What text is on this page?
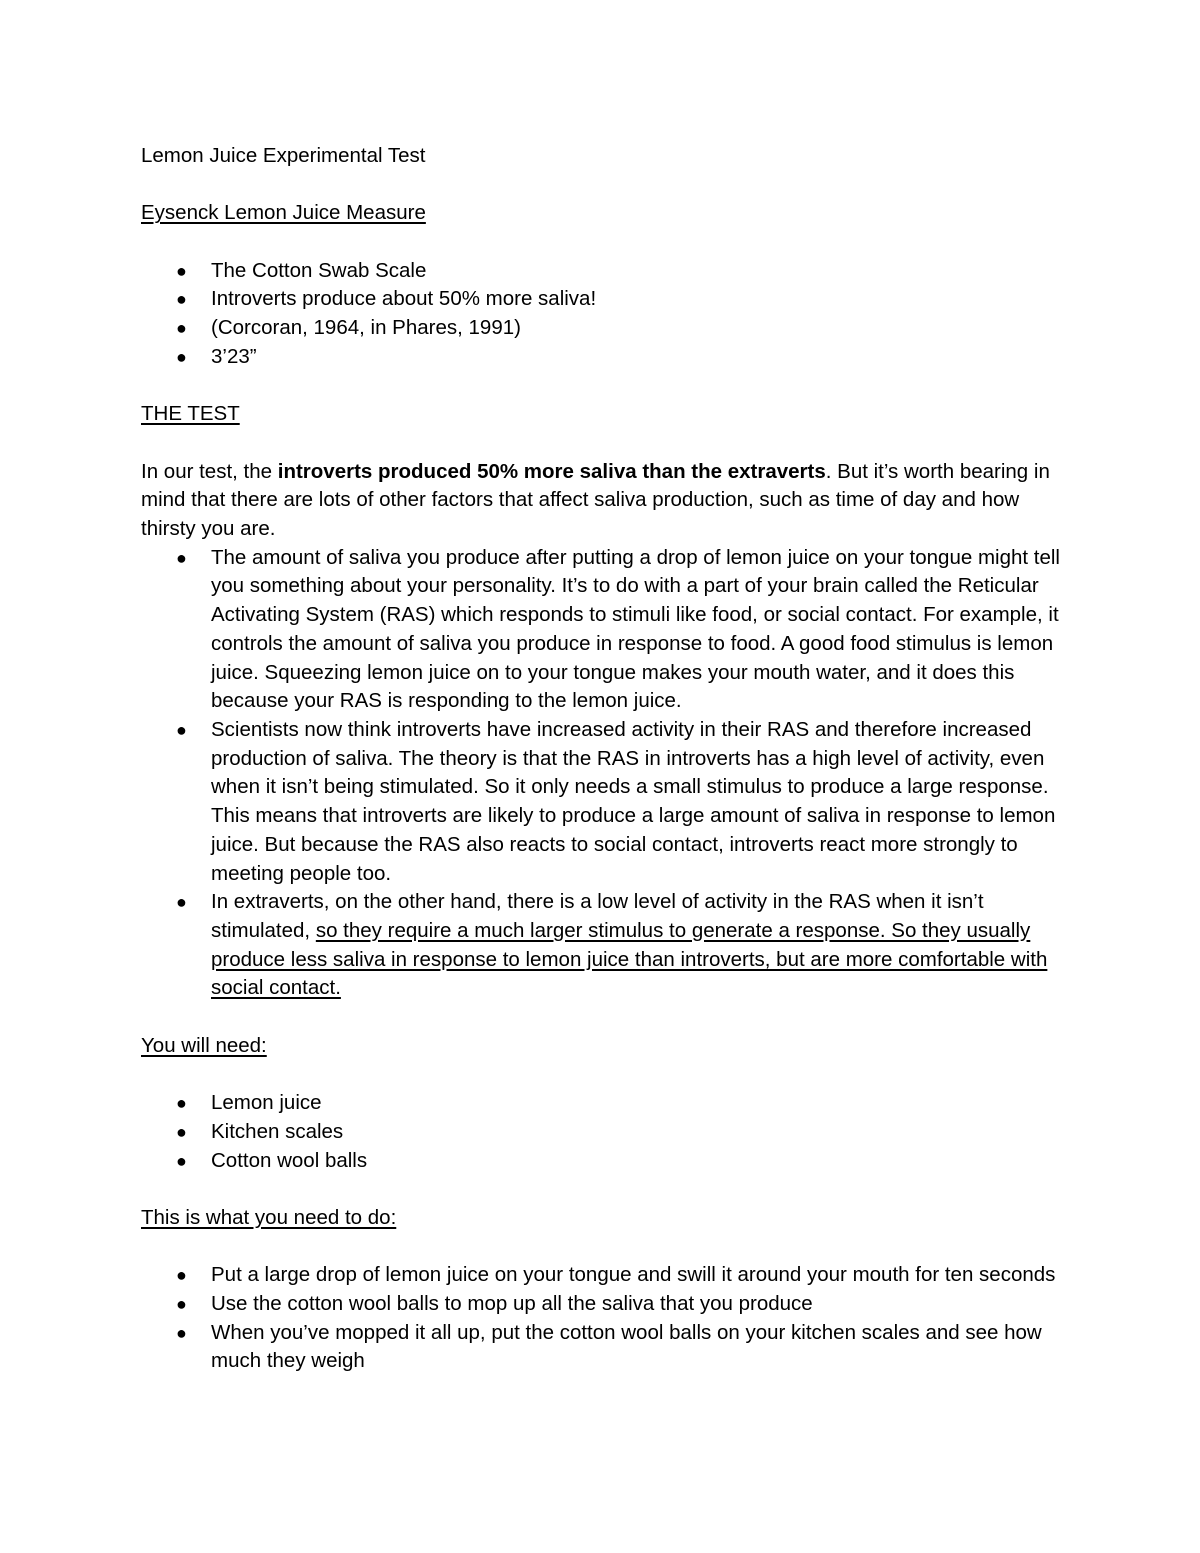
Lemon Juice Experimental Test

Eysenck Lemon Juice Measure

● The Cotton Swab Scale
● Introverts produce about 50% more saliva!
● (Corcoran, 1964, in Phares, 1991)
● 3’23”

THE TEST

In our test, the introverts produced 50% more saliva than the extraverts. But it’s worth bearing in mind that there are lots of other factors that affect saliva production, such as time of day and how thirsty you are.

● The amount of saliva you produce after putting a drop of lemon juice on your tongue might tell you something about your personality. It’s to do with a part of your brain called the Reticular Activating System (RAS) which responds to stimuli like food, or social contact. For example, it controls the amount of saliva you produce in response to food. A good food stimulus is lemon juice. Squeezing lemon juice on to your tongue makes your mouth water, and it does this because your RAS is responding to the lemon juice.
● Scientists now think introverts have increased activity in their RAS and therefore increased production of saliva. The theory is that the RAS in introverts has a high level of activity, even when it isn’t being stimulated. So it only needs a small stimulus to produce a large response. This means that introverts are likely to produce a large amount of saliva in response to lemon juice. But because the RAS also reacts to social contact, introverts react more strongly to meeting people too.
● In extraverts, on the other hand, there is a low level of activity in the RAS when it isn’t stimulated, so they require a much larger stimulus to generate a response. So they usually produce less saliva in response to lemon juice than introverts, but are more comfortable with social contact.

You will need:

● Lemon juice
● Kitchen scales
● Cotton wool balls

This is what you need to do:

● Put a large drop of lemon juice on your tongue and swill it around your mouth for ten seconds
● Use the cotton wool balls to mop up all the saliva that you produce
● When you’ve mopped it all up, put the cotton wool balls on your kitchen scales and see how much they weigh
